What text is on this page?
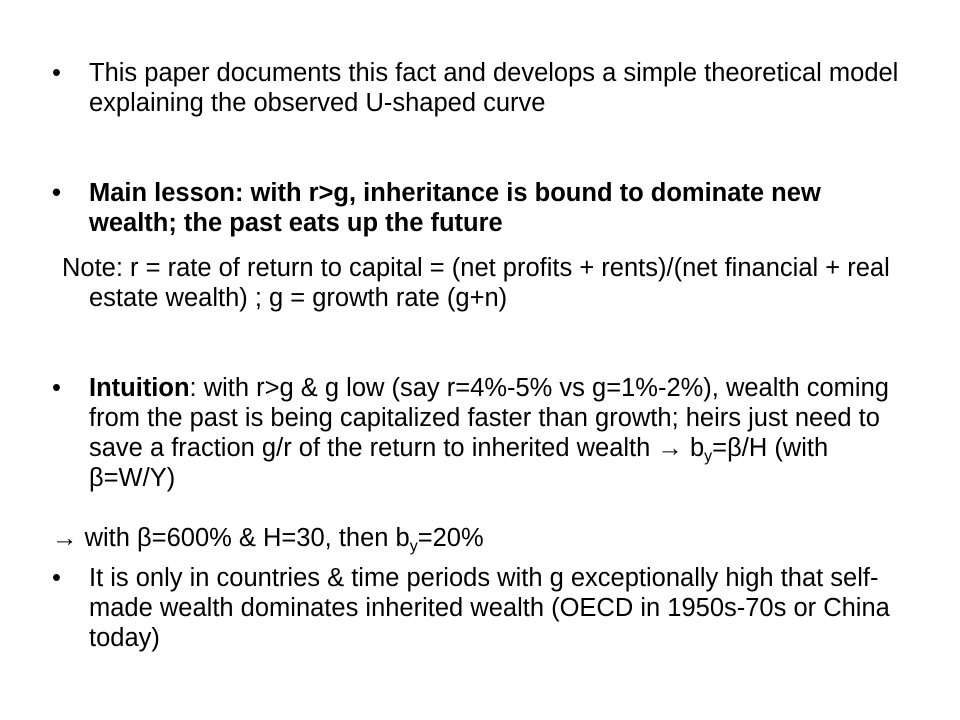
•	This paper documents this fact and develops a simple theoretical model explaining the observed U-shaped curve
•	Main lesson: with r>g, inheritance is bound to dominate new wealth; the past eats up the future
Note: r = rate of return to capital = (net profits + rents)/(net financial + real estate wealth) ; g = growth rate (g+n)
•	Intuition: with r>g & g low (say r=4%-5% vs g=1%-2%), wealth coming from the past is being capitalized faster than growth; heirs just need to save a fraction g/r of the return to inherited wealth → $b_y=\beta/H$ (with β=W/Y)
→ with β=600% & H=30, then $b_y=20\%$
•	It is only in countries & time periods with g exceptionally high that self-made wealth dominates inherited wealth (OECD in 1950s-70s or China today)
